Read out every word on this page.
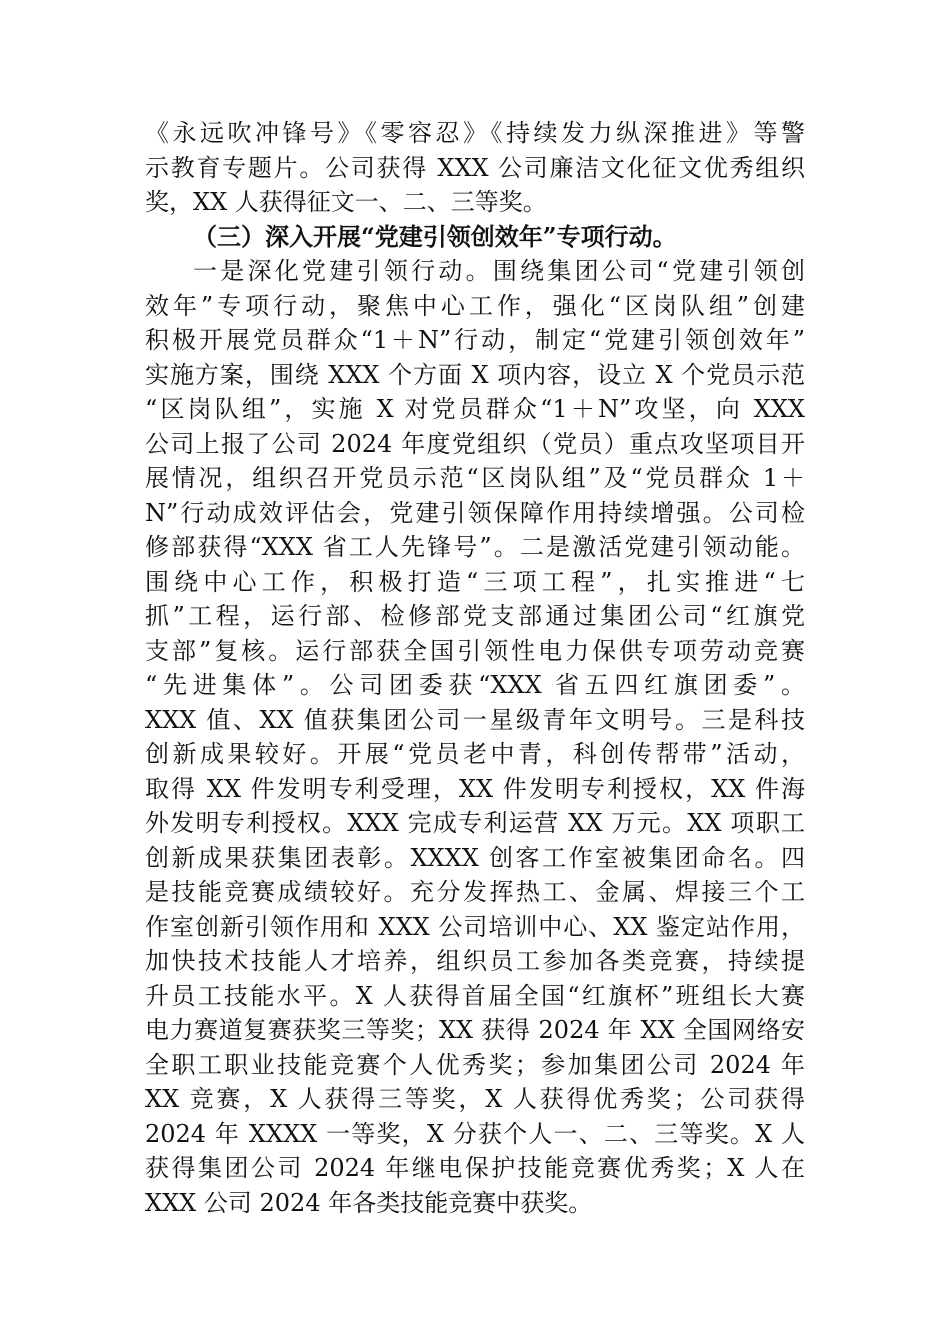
《永远吹冲锋号》《零容忍》《持续发力纵深推进》等警
示教育专题片。公司获得 XXX 公司廉洁文化征文优秀组织
奖，XX 人获得征文一、二、三等奖。
（三）深入开展“党建引领创效年”专项行动。
一是深化党建引领行动。围绕集团公司“党建引领创
效年”专项行动，聚焦中心工作，强化“区岗队组”创建
积极开展党员群众“1＋N”行动，制定“党建引领创效年”
实施方案，围绕 XXX 个方面 X 项内容，设立 X 个党员示范
“区岗队组”，实施 X 对党员群众“1＋N”攻坚，向 XXX
公司上报了公司 2024 年度党组织（党员）重点攻坚项目开
展情况，组织召开党员示范“区岗队组”及“党员群众 1＋
N”行动成效评估会，党建引领保障作用持续增强。公司检
修部获得“XXX 省工人先锋号”。二是激活党建引领动能。
围绕中心工作，积极打造“三项工程”，扎实推进“七
抓”工程，运行部、检修部党支部通过集团公司“红旗党
支部”复核。运行部获全国引领性电力保供专项劳动竞赛
“先进集体”。公司团委获“XXX 省五四红旗团委”。
XXX 值、XX 值获集团公司一星级青年文明号。三是科技
创新成果较好。开展“党员老中青，科创传帮带”活动，
取得 XX 件发明专利受理，XX 件发明专利授权，XX 件海
外发明专利授权。XXX 完成专利运营 XX 万元。XX 项职工
创新成果获集团表彰。XXXX 创客工作室被集团命名。四
是技能竞赛成绩较好。充分发挥热工、金属、焊接三个工
作室创新引领作用和 XXX 公司培训中心、XX 鉴定站作用，
加快技术技能人才培养，组织员工参加各类竞赛，持续提
升员工技能水平。X 人获得首届全国“红旗杯”班组长大赛
电力赛道复赛获奖三等奖；XX 获得 2024 年 XX 全国网络安
全职工职业技能竞赛个人优秀奖；参加集团公司 2024 年
XX 竞赛，X 人获得三等奖，X 人获得优秀奖；公司获得
2024 年 XXXX 一等奖，X 分获个人一、二、三等奖。X 人
获得集团公司 2024 年继电保护技能竞赛优秀奖；X 人在
XXX 公司 2024 年各类技能竞赛中获奖。
